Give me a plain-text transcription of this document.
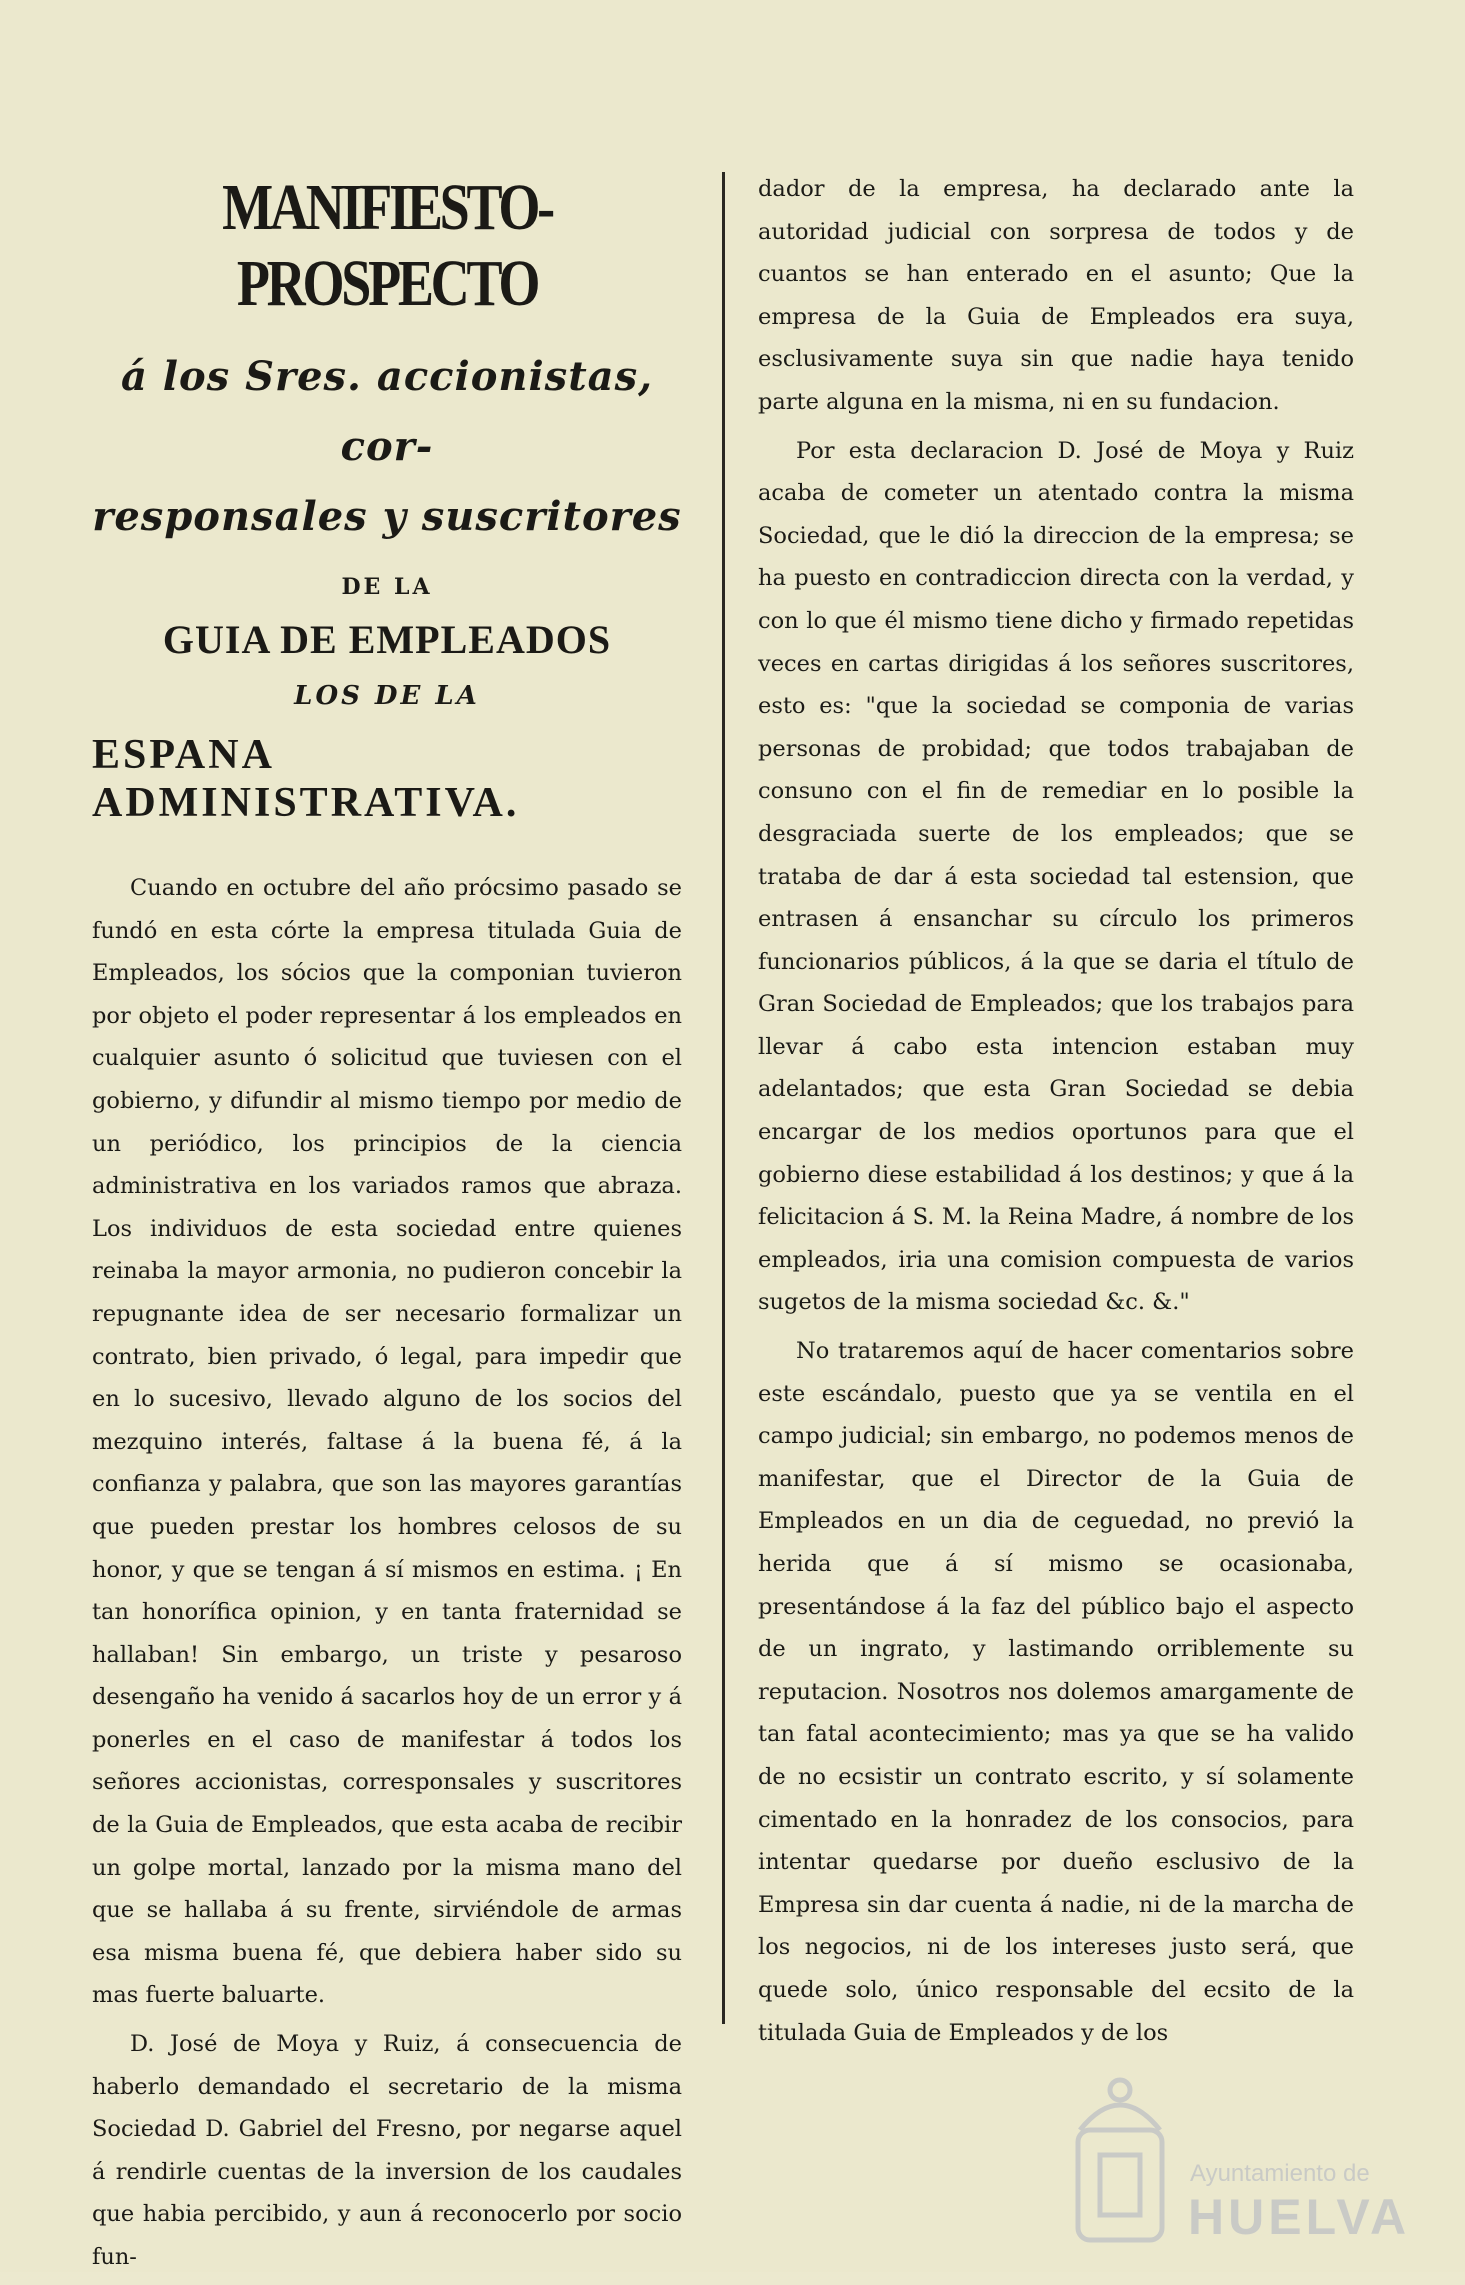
MANIFIESTO-PROSPECTO

á los Sres. accionistas, cor-

responsales y suscritores

DE LA
GUIA DE EMPLEADOS
LOS DE LA
ESPANA ADMINISTRATIVA.

Cuando en octubre del año prócsimo pasado se fundó en esta córte la empresa titulada Guia de Empleados, los sócios que la componian tuvieron por objeto el poder representar á los empleados en cualquier asunto ó solicitud que tuviesen con el gobierno, y difundir al mismo tiempo por medio de un periódico, los principios de la ciencia administrativa en los variados ramos que abraza. Los individuos de esta sociedad entre quienes reinaba la mayor armonia, no pudieron concebir la repugnante idea de ser necesario formalizar un contrato, bien privado, ó legal, para impedir que en lo sucesivo, llevado alguno de los socios del mezquino interés, faltase á la buena fé, á la confianza y palabra, que son las mayores garantías que pueden prestar los hombres celosos de su honor, y que se tengan á sí mismos en estima. ¡ En tan honorífica opinion, y en tanta fraternidad se hallaban! Sin embargo, un triste y pesaroso desengaño ha venido á sacarlos hoy de un error y á ponerles en el caso de manifestar á todos los señores accionistas, corresponsales y suscritores de la Guia de Empleados, que esta acaba de recibir un golpe mortal, lanzado por la misma mano del que se hallaba á su frente, sirviéndole de armas esa misma buena fé, que debiera haber sido su mas fuerte baluarte.

D. José de Moya y Ruiz, á consecuencia de haberlo demandado el secretario de la misma Sociedad D. Gabriel del Fresno, por negarse aquel á rendirle cuentas de la inversion de los caudales que habia percibido, y aun á reconocerlo por socio fun-

dador de la empresa, ha declarado ante la autoridad judicial con sorpresa de todos y de cuantos se han enterado en el asunto; Que la empresa de la Guia de Empleados era suya, esclusivamente suya sin que nadie haya tenido parte alguna en la misma, ni en su fundacion.

Por esta declaracion D. José de Moya y Ruiz acaba de cometer un atentado contra la misma Sociedad, que le dió la direccion de la empresa; se ha puesto en contradiccion directa con la verdad, y con lo que él mismo tiene dicho y firmado repetidas veces en cartas dirigidas á los señores suscritores, esto es: "que la sociedad se componia de varias personas de probidad; que todos trabajaban de consuno con el fin de remediar en lo posible la desgraciada suerte de los empleados; que se trataba de dar á esta sociedad tal estension, que entrasen á ensanchar su círculo los primeros funcionarios públicos, á la que se daria el título de Gran Sociedad de Empleados; que los trabajos para llevar á cabo esta intencion estaban muy adelantados; que esta Gran Sociedad se debia encargar de los medios oportunos para que el gobierno diese estabilidad á los destinos; y que á la felicitacion á S. M. la Reina Madre, á nombre de los empleados, iria una comision compuesta de varios sugetos de la misma sociedad &c. &."

No trataremos aquí de hacer comentarios sobre este escándalo, puesto que ya se ventila en el campo judicial; sin embargo, no podemos menos de manifestar, que el Director de la Guia de Empleados en un dia de ceguedad, no previó la herida que á sí mismo se ocasionaba, presentándose á la faz del público bajo el aspecto de un ingrato, y lastimando orriblemente su reputacion. Nosotros nos dolemos amargamente de tan fatal acontecimiento; mas ya que se ha valido de no ecsistir un contrato escrito, y sí solamente cimentado en la honradez de los consocios, para intentar quedarse por dueño esclusivo de la Empresa sin dar cuenta á nadie, ni de la marcha de los negocios, ni de los intereses justo será, que quede solo, único responsable del ecsito de la titulada Guia de Empleados y de los

Ayuntamiento de
HUELVA
